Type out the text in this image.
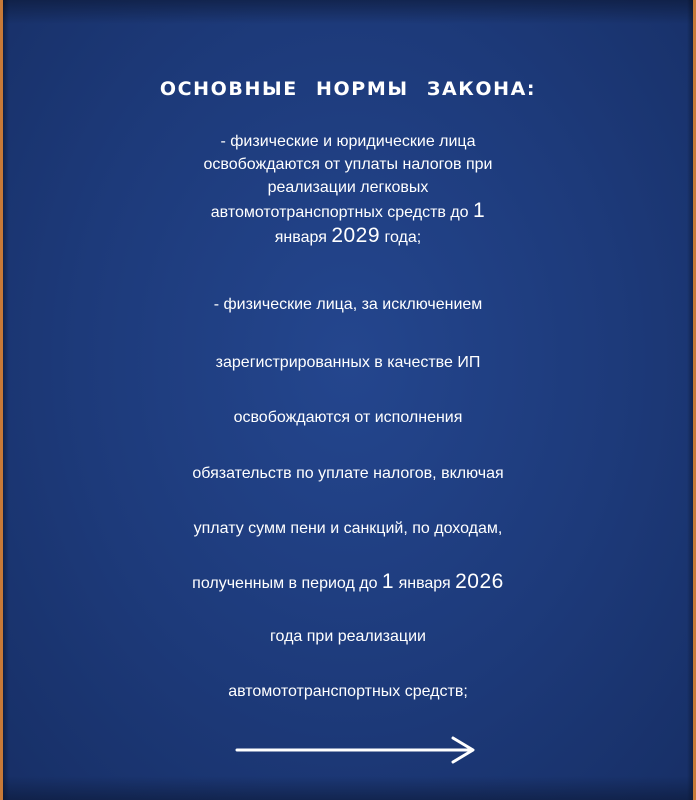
ОСНОВНЫЕ НОРМЫ ЗАКОНА:
- физические и юридические лица
освобождаются от уплаты налогов при
реализации легковых
автомототранспортных средств до 1
января 2029 года;
- физические лица, за исключением
зарегистрированных в качестве ИП
освобождаются от исполнения
обязательств по уплате налогов, включая
уплату сумм пени и санкций, по доходам,
полученным в период до 1 января 2026
года при реализации
автомототранспортных средств;
